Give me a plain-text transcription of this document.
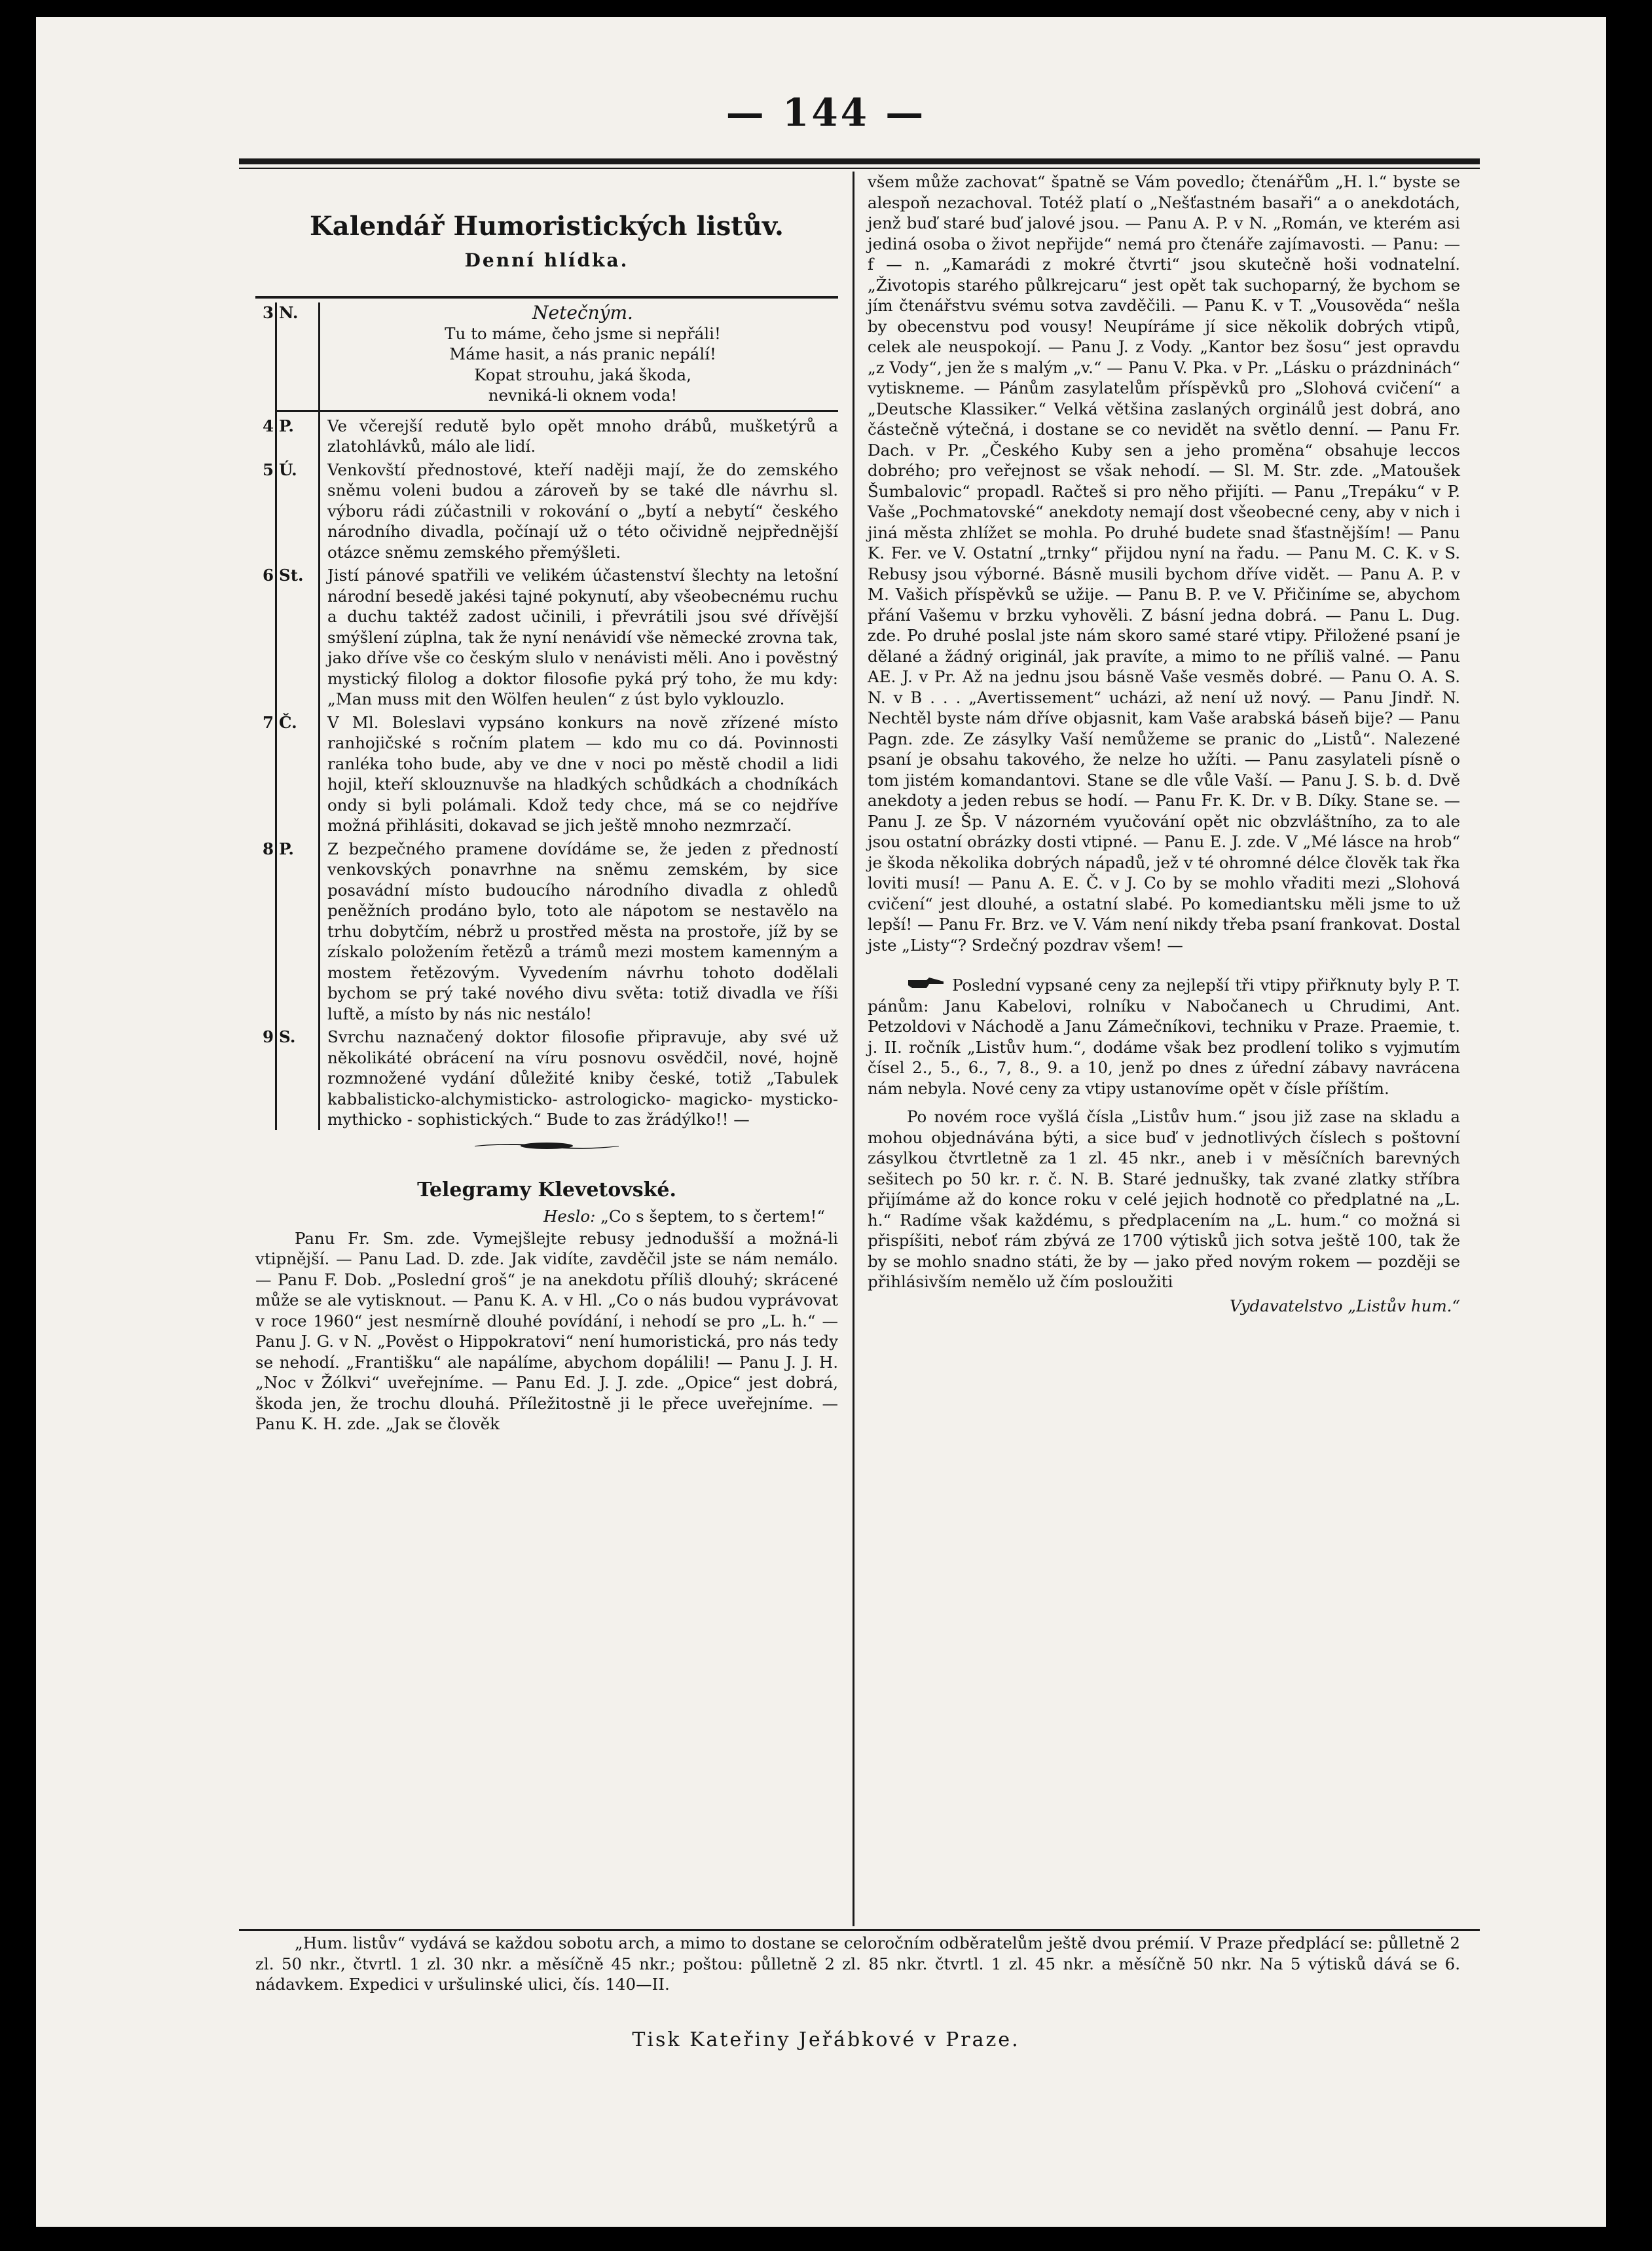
— 144 —
Kalendář Humoristických listův.
Denní hlídka.
3 N.	Netečným.
Tu to máme, čeho jsme si nepřáli!
Máme hasit, a nás pranic nepálí!
Kopat strouhu, jaká škoda,
nevniká-li oknem voda!
4 P. Ve včerejší redutě bylo opět mnoho drábů, mušketýrů a zlatohlávků, málo ale lidí.

5 Ú. Venkovští přednostové, kteří naději mají, že do zemského sněmu voleni budou a zároveň by se také dle návrhu sl. výboru rádi zúčastnili v rokování o „bytí a nebytí“ českého národního divadla, počínají už o této očividně nejpřednější otázce sněmu zemského přemýšleti.

6 St. Jistí pánové spatřili ve velikém účastenství šlechty na letošní národní besedě jakési tajné pokynutí, aby všeobecnému ruchu a duchu taktéž zadost učinili, i převrátili jsou své dřívější smýšlení zúplna, tak že nyní nenávidí vše německé zrovna tak, jako dříve vše co českým slulo v nenávisti měli. Ano i pověstný mystický filolog a doktor filosofie pyká prý toho, že mu kdy: „Man muss mit den Wölfen heulen“ z úst bylo vyklouzlo.

7 Č. V Ml. Boleslavi vypsáno konkurs na nově zřízené místo ranhojičské s ročním platem — kdo mu co dá. Povinnosti ranlékа toho bude, aby ve dne v noci po městě chodil a lidi hojil, kteří sklouznuvše na hladkých schůdkách a chodníkách ondy si byli polámali. Kdož tedy chce, má se co nejdříve možná přihlásiti, dokavad se jich ještě mnoho nezmrzačí.

8 P. Z bezpečného pramene dovídáme se, že jeden z předností venkovských ponavrhne na sněmu zemském, by sice posavádní místo budoucího národního divadla z ohledů peněžních prodáno bylo, toto ale nápotom se nestavělo na trhu dobytčím, nébrž u prostřed města na prostoře, jíž by se získalo položením řetězů a trámů mezi mostem kamenným a mostem řetězovým. Vyvedením návrhu tohoto dodělali bychom se prý také nového divu světa: totiž divadla ve říši luftě, a místo by nás nic nestálo!

9 S. Svrchu naznačený doktor filosofie připravuje, aby své už několikáté obrácení na víru posnovu osvědčil, nové, hojně rozmnožené vydání důležité kniby české, totiž „Tabulek kabbalisticko-alchymisticko- astrologicko- magicko- mysticko-mythicko - sophistických.“ Bude to zas žrádýlko!! —

Telegramy Klevetovské.
Heslo: „Co s šeptem, to s čertem!“

Panu Fr. Sm. zde. Vymejšlejte rebusy jednodušší a možná-li vtipnější. — Panu Lad. D. zde. Jak vidíte, zavděčil jste se nám nemálo. — Panu F. Dob. „Poslední groš“ je na anekdotu příliš dlouhý; skrácené může se ale vytisknout. — Panu K. A. v Hl. „Co o nás budou vyprávovat v roce 1960“ jest nesmírně dlouhé povídání, i nehodí se pro „L. h.“ — Panu J. G. v N. „Pověst o Hippokratovi“ není humoristická, pro nás tedy se nehodí. „Františku“ ale napálíme, abychom dopálili! — Panu J. J. H. „Noc v Žólkvi“ uveřejníme. — Panu Ed. J. J. zde. „Opice“ jest dobrá, škoda jen, že trochu dlouhá. Příležitostně ji le přece uveřejníme. — Panu K. H. zde. „Jak se člověk

všem může zachovat“ špatně se Vám povedlo; čtenářům „H. l.“ byste se alespoň nezachoval. Totéž platí o „Nešťastném basaři“ a o anekdotách, jenž buď staré buď jalové jsou. — Panu A. P. v N. „Román, ve kterém asi jediná osoba o život nepřijde“ nemá pro čtenáře zajímavosti. — Panu: — f — n. „Kamarádi z mokré čtvrti“ jsou skutečně hoši vodnatelní. „Životopis starého půlkrejcaru“ jest opět tak suchoparný, že bychom se jím čtenářstvu svému sotva zavděčili. — Panu K. v T. „Vousověda“ nešla by obecenstvu pod vousy! Neupíráme jí sice několik dobrých vtipů, celek ale neuspokojí. — Panu J. z Vody. „Kantor bez šosu“ jest opravdu „z Vody“, jen že s malým „v.“ — Panu V. Pka. v Pr. „Lásku o prázdninách“ vytiskneme. — Pánům zasylatelům příspěvků pro „Slohová cvičení“ a „Deutsche Klassiker.“ Velká většina zaslaných orginálů jest dobrá, ano částečně výtečná, i dostane se co nevidět na světlo denní. — Panu Fr. Dach. v Pr. „Českého Kuby sen a jeho proměna“ obsahuje leccos dobrého; pro veřejnost se však nehodí. — Sl. M. Str. zde. „Matoušek Šumbalovic“ propadl. Račteš si pro něho přijíti. — Panu „Trepáku“ v P. Vaše „Pochmatovské“ anekdoty nemají dost všeobecné ceny, aby v nich i jiná města zhlížet se mohla. Po druhé budete snad šťastnějším! — Panu K. Fer. ve V. Ostatní „trnky“ přijdou nyní na řadu. — Panu M. C. K. v S. Rebusy jsou výborné. Básně musili bychom dříve vidět. — Panu A. P. v M. Vašich příspěvků se užije. — Panu B. P. ve V. Přičiníme se, abychom přání Vašemu v brzku vyhověli. Z básní jedna dobrá. — Panu L. Dug. zde. Po druhé poslal jste nám skoro samé staré vtipy. Přiložené psaní je dělané a žádný originál, jak pravíte, a mimo to ne příliš valné. — Panu AE. J. v Pr. Až na jednu jsou básně Vaše vesměs dobré. — Panu O. A. S. N. v B . . . „Avertissement“ ucházi, až není už nový. — Panu Jindř. N. Nechtěl byste nám dříve objasnit, kam Vaše arabská báseň bije? — Panu Pagn. zde. Ze zásylky Vaší nemůžeme se pranic do „Listů“. Nalezené psaní je obsahu takového, že nelze ho užíti. — Panu zasylateli písně o tom jistém komandantovi. Stane se dle vůle Vaší. — Panu J. S. b. d. Dvě anekdoty a jeden rebus se hodí. — Panu Fr. K. Dr. v B. Díky. Stane se. — Panu J. ze Šp. V názorném vyučování opět nic obzvláštního, za to ale jsou ostatní obrázky dosti vtipné. — Panu E. J. zde. V „Mé lásce na hrob“ je škoda několika dobrých nápadů, jež v té ohromné délce člověk tak řka loviti musí! — Panu A. E. Č. v J. Co by se mohlo vřaditi mezi „Slohová cvičení“ jest dlouhé, a ostatní slabé. Po komediantsku měli jsme to už lepší! — Panu Fr. Brz. ve V. Vám není nikdy třeba psaní frankovat. Dostal jste „Listy“? Srdečný pozdrav všem! —

Poslední vypsané ceny za nejlepší tři vtipy přiřknuty byly P. T. pánům: Janu Kabelovi, rolníku v Nabočanech u Chrudimi, Ant. Petzoldovi v Náchodě a Janu Zámečníkovi, techniku v Praze. Praemie, t. j. II. ročník „Listův hum.“, dodáme však bez prodlení toliko s vyjmutím čísel 2., 5., 6., 7, 8., 9. a 10, jenž po dnes z úřední zábavy navrácena nám nebyla. Nové ceny za vtipy ustanovíme opět v čísle příštím.

Po novém roce vyšlá čísla „Listův hum.“ jsou již zase na skladu a mohou objednávána býti, a sice buď v jednotlivých číslech s poštovní zásylkou čtvrtletně za 1 zl. 45 nkr., aneb i v měsíčních barevných sešitech po 50 kr. r. č. N. B. Staré jednušky, tak zvané zlatky stříbra přijímáme až do konce roku v celé jejich hodnotě co předplatné na „L. h.“ Radíme však každému, s předplacením na „L. hum.“ co možná si přispíšiti, neboť rám zbývá ze 1700 výtisků jich sotva ještě 100, tak že by se mohlo snadno státi, že by — jako před novým rokem — později se přihlásivším nemělo už čím posloužiti

Vydavatelstvo „Listův hum.“

„Hum. listův“ vydává se každou sobotu arch, a mimo to dostane se celoročním odběratelům ještě dvou prémií. V Praze předplácí se: půlletně 2 zl. 50 nkr., čtvrtl. 1 zl. 30 nkr. a měsíčně 45 nkr.; poštou: půlletně 2 zl. 85 nkr. čtvrtl. 1 zl. 45 nkr. a měsíčně 50 nkr. Na 5 výtisků dává se 6. nádavkem. Expedici v uršulinské ulici, čís. 140—II.

Tisk Kateřiny Jeřábkové v Praze.
